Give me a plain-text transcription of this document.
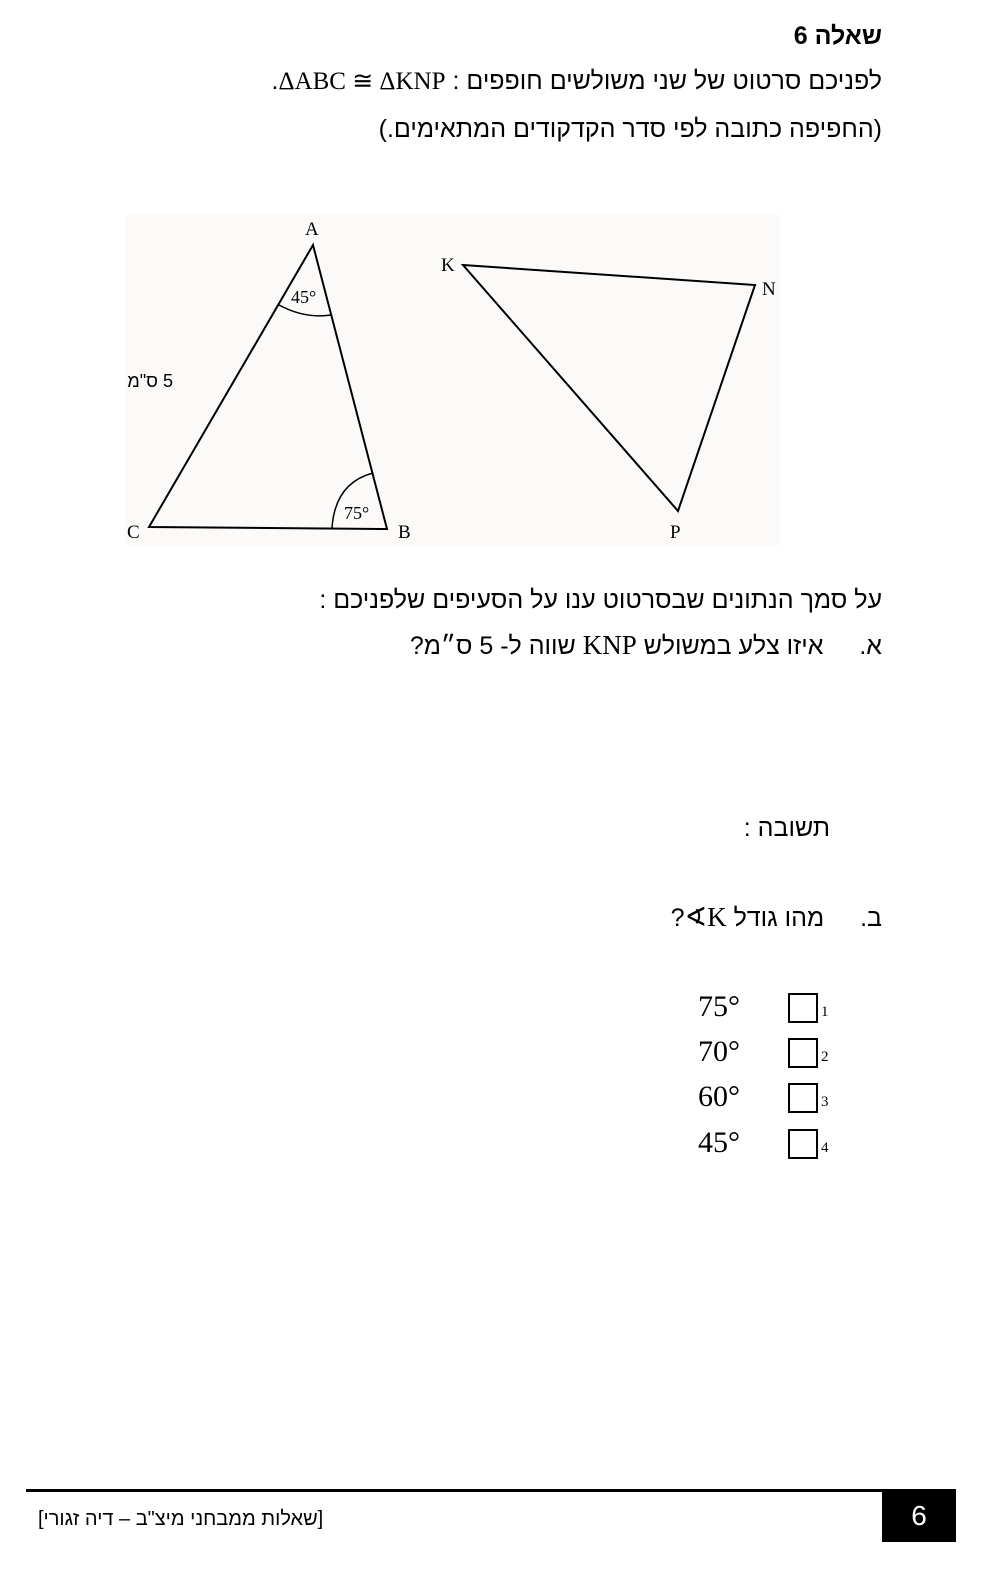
שאלה 6
לפניכם סרטוט של שני משולשים חופפים : ΔABC ≅ ΔKNP.
(החפיפה כתובה לפי סדר הקדקודים המתאימים.)
A
B
C
45°
75°
5 ס"מ
K
N
P
על סמך הנתונים שבסרטוט ענו על הסעיפים שלפניכם :
א.  איזו צלע במשולש KNP שווה ל- 5 ס״מ?
תשובה :
ב.  מהו גודל ∢K?
75°	1
70°	2
60°	3
45°	4
[שאלות ממבחני מיצ"ב – דיה זגורי]	6
